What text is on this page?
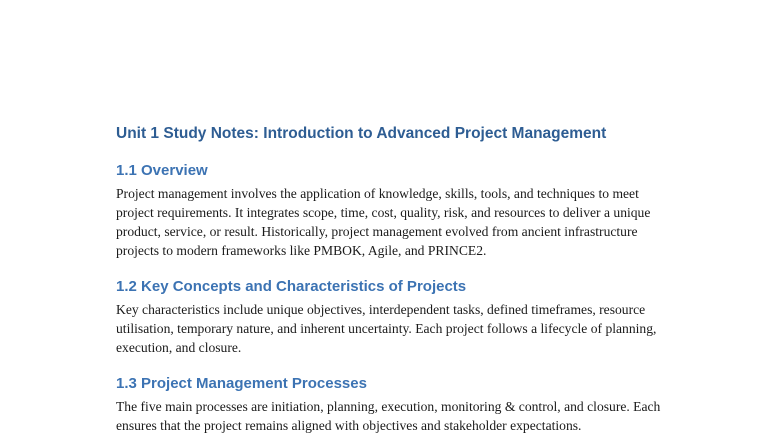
Unit 1 Study Notes: Introduction to Advanced Project Management
1.1 Overview

Project management involves the application of knowledge, skills, tools, and techniques to meet project requirements. It integrates scope, time, cost, quality, risk, and resources to deliver a unique product, service, or result. Historically, project management evolved from ancient infrastructure projects to modern frameworks like PMBOK, Agile, and PRINCE2.

1.2 Key Concepts and Characteristics of Projects

Key characteristics include unique objectives, interdependent tasks, defined timeframes, resource utilisation, temporary nature, and inherent uncertainty. Each project follows a lifecycle of planning, execution, and closure.

1.3 Project Management Processes

The five main processes are initiation, planning, execution, monitoring & control, and closure. Each ensures that the project remains aligned with objectives and stakeholder expectations.
